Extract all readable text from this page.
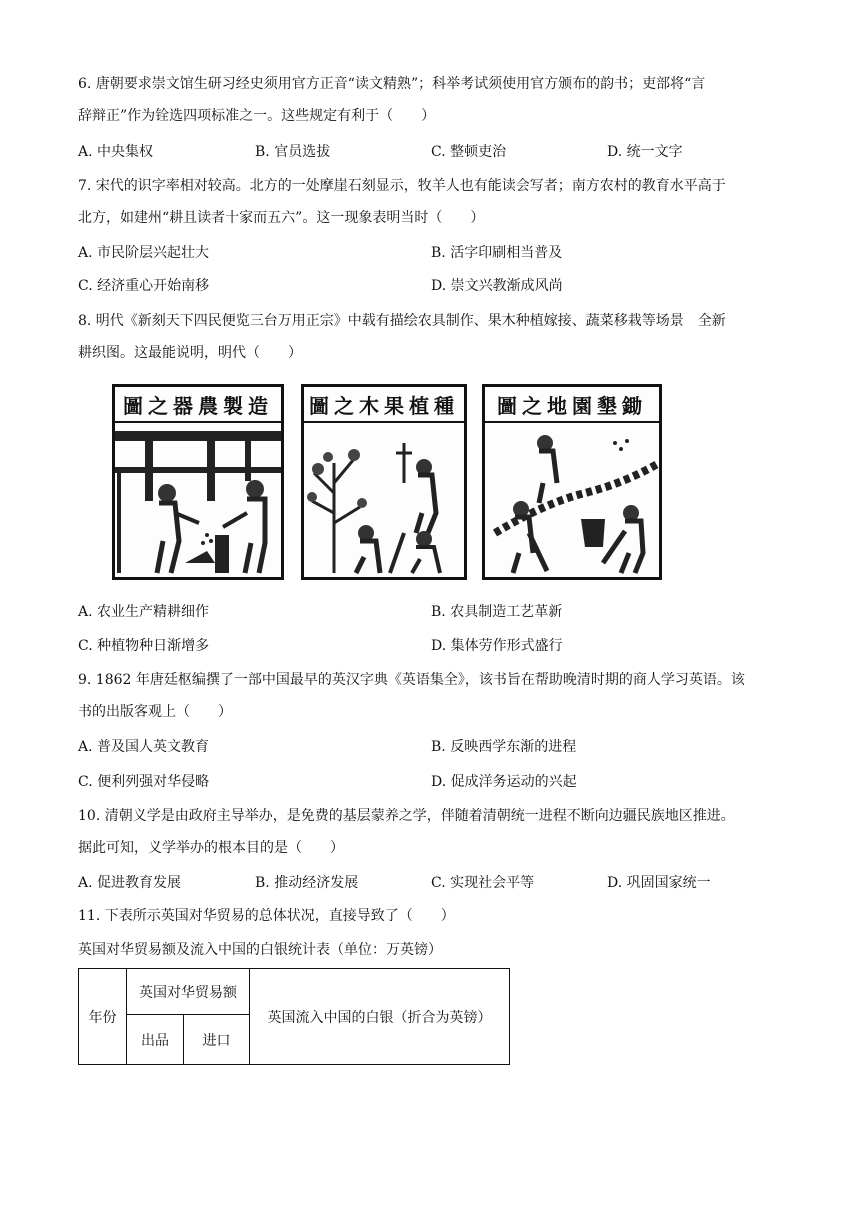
6. 唐朝要求崇文馆生研习经史须用官方正音“读文精熟”；科举考试须使用官方颁布的韵书；吏部将“言
辞辩正”作为铨选四项标准之一。这些规定有利于（　　）
A. 中央集权	B. 官员选拔	C. 整顿吏治	D. 统一文字
7. 宋代的识字率相对较高。北方的一处摩崖石刻显示，牧羊人也有能读会写者；南方农村的教育水平高于
北方，如建州“耕且读者十家而五六”。这一现象表明当时（　　）
A. 市民阶层兴起壮大	B. 活字印刷相当普及
C. 经济重心开始南移	D. 崇文兴教渐成风尚
8. 明代《新刻天下四民便览三台万用正宗》中载有描绘农具制作、果木种植嫁接、蔬菜移栽等场景　全新
耕织图。这最能说明，明代（　　）
圖之器農製造	圖之木果植種	圖之地園墾鋤
A. 农业生产精耕细作	B. 农具制造工艺革新
C. 种植物种日渐增多	D. 集体劳作形式盛行
9. 1862 年唐廷枢编撰了一部中国最早的英汉字典《英语集全》，该书旨在帮助晚清时期的商人学习英语。该
书的出版客观上（　　）
A. 普及国人英文教育	B. 反映西学东渐的进程
C. 便利列强对华侵略	D. 促成洋务运动的兴起
10. 清朝义学是由政府主导举办，是免费的基层蒙养之学，伴随着清朝统一进程不断向边疆民族地区推进。
据此可知，义学举办的根本目的是（　　）
A. 促进教育发展	B. 推动经济发展	C. 实现社会平等	D. 巩固国家统一
11. 下表所示英国对华贸易的总体状况，直接导致了（　　）
英国对华贸易额及流入中国的白银统计表（单位：万英镑）
年份	英国对华贸易额		英国流入中国的白银（折合为英镑）
	出品	进口	
